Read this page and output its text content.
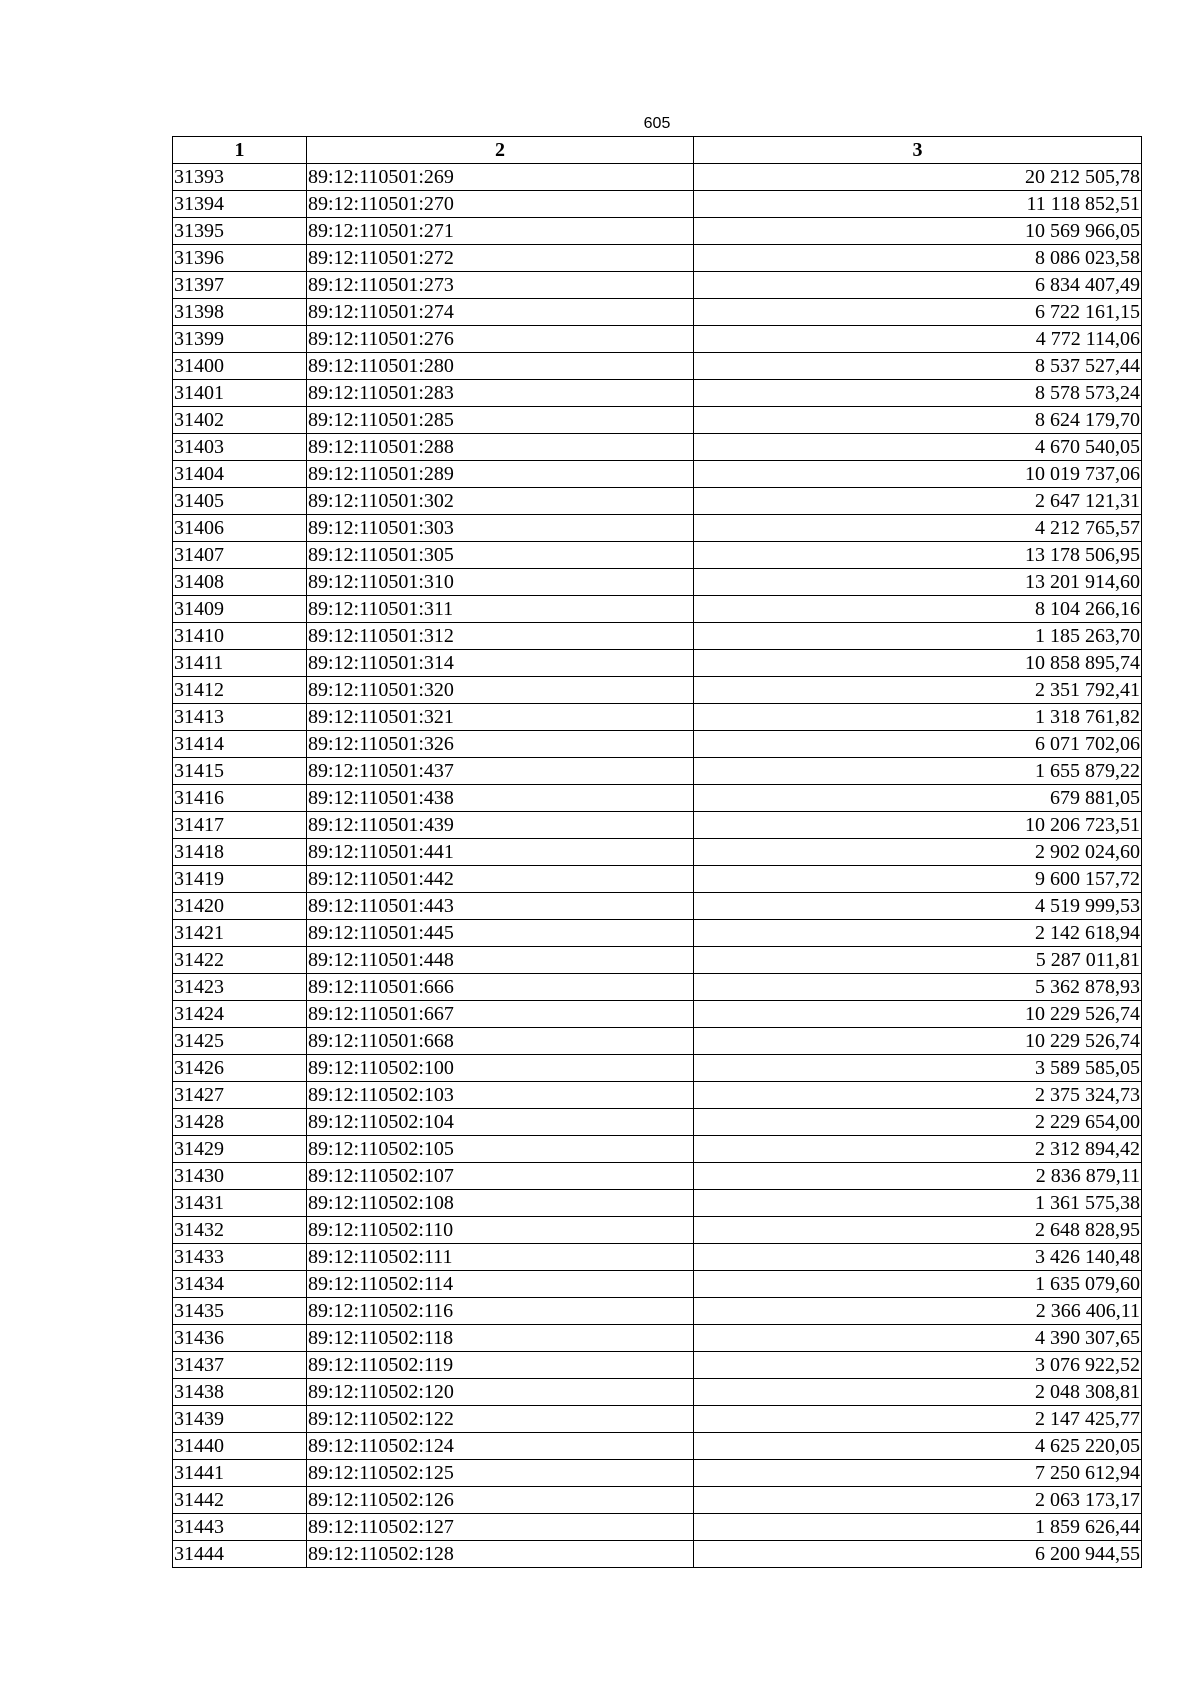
605
1	2	3
31393	89:12:110501:269	20 212 505,78
31394	89:12:110501:270	11 118 852,51
31395	89:12:110501:271	10 569 966,05
31396	89:12:110501:272	8 086 023,58
31397	89:12:110501:273	6 834 407,49
31398	89:12:110501:274	6 722 161,15
31399	89:12:110501:276	4 772 114,06
31400	89:12:110501:280	8 537 527,44
31401	89:12:110501:283	8 578 573,24
31402	89:12:110501:285	8 624 179,70
31403	89:12:110501:288	4 670 540,05
31404	89:12:110501:289	10 019 737,06
31405	89:12:110501:302	2 647 121,31
31406	89:12:110501:303	4 212 765,57
31407	89:12:110501:305	13 178 506,95
31408	89:12:110501:310	13 201 914,60
31409	89:12:110501:311	8 104 266,16
31410	89:12:110501:312	1 185 263,70
31411	89:12:110501:314	10 858 895,74
31412	89:12:110501:320	2 351 792,41
31413	89:12:110501:321	1 318 761,82
31414	89:12:110501:326	6 071 702,06
31415	89:12:110501:437	1 655 879,22
31416	89:12:110501:438	679 881,05
31417	89:12:110501:439	10 206 723,51
31418	89:12:110501:441	2 902 024,60
31419	89:12:110501:442	9 600 157,72
31420	89:12:110501:443	4 519 999,53
31421	89:12:110501:445	2 142 618,94
31422	89:12:110501:448	5 287 011,81
31423	89:12:110501:666	5 362 878,93
31424	89:12:110501:667	10 229 526,74
31425	89:12:110501:668	10 229 526,74
31426	89:12:110502:100	3 589 585,05
31427	89:12:110502:103	2 375 324,73
31428	89:12:110502:104	2 229 654,00
31429	89:12:110502:105	2 312 894,42
31430	89:12:110502:107	2 836 879,11
31431	89:12:110502:108	1 361 575,38
31432	89:12:110502:110	2 648 828,95
31433	89:12:110502:111	3 426 140,48
31434	89:12:110502:114	1 635 079,60
31435	89:12:110502:116	2 366 406,11
31436	89:12:110502:118	4 390 307,65
31437	89:12:110502:119	3 076 922,52
31438	89:12:110502:120	2 048 308,81
31439	89:12:110502:122	2 147 425,77
31440	89:12:110502:124	4 625 220,05
31441	89:12:110502:125	7 250 612,94
31442	89:12:110502:126	2 063 173,17
31443	89:12:110502:127	1 859 626,44
31444	89:12:110502:128	6 200 944,55
